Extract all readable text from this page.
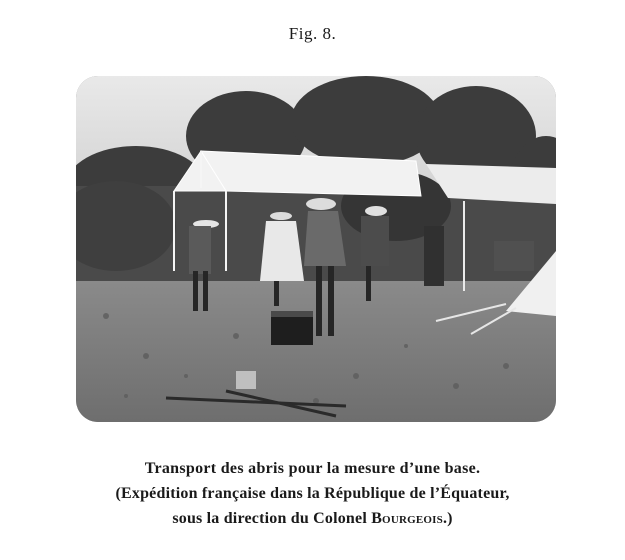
Fig. 8.
Transport des abris pour la mesure d’une base.
(Expédition française dans la République de l’Équateur,
sous la direction du Colonel Bourgeois.)
